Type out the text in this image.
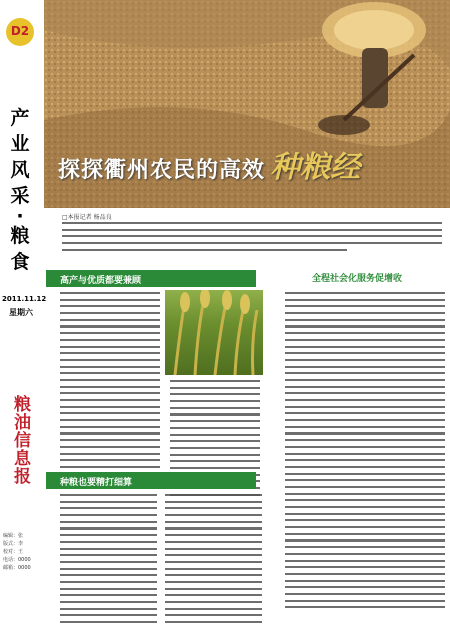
D2
产
业
风
采
·
粮
食
2011.11.12
星期六
粮油信息报
编辑：张
版式：李
校对：王
电话：0000
邮箱：0000
探探衢州农民的高效 种粮经
□本报记者 杨品良
高产与优质都要兼顾
种粮也要精打细算
全程社会化服务促增收
